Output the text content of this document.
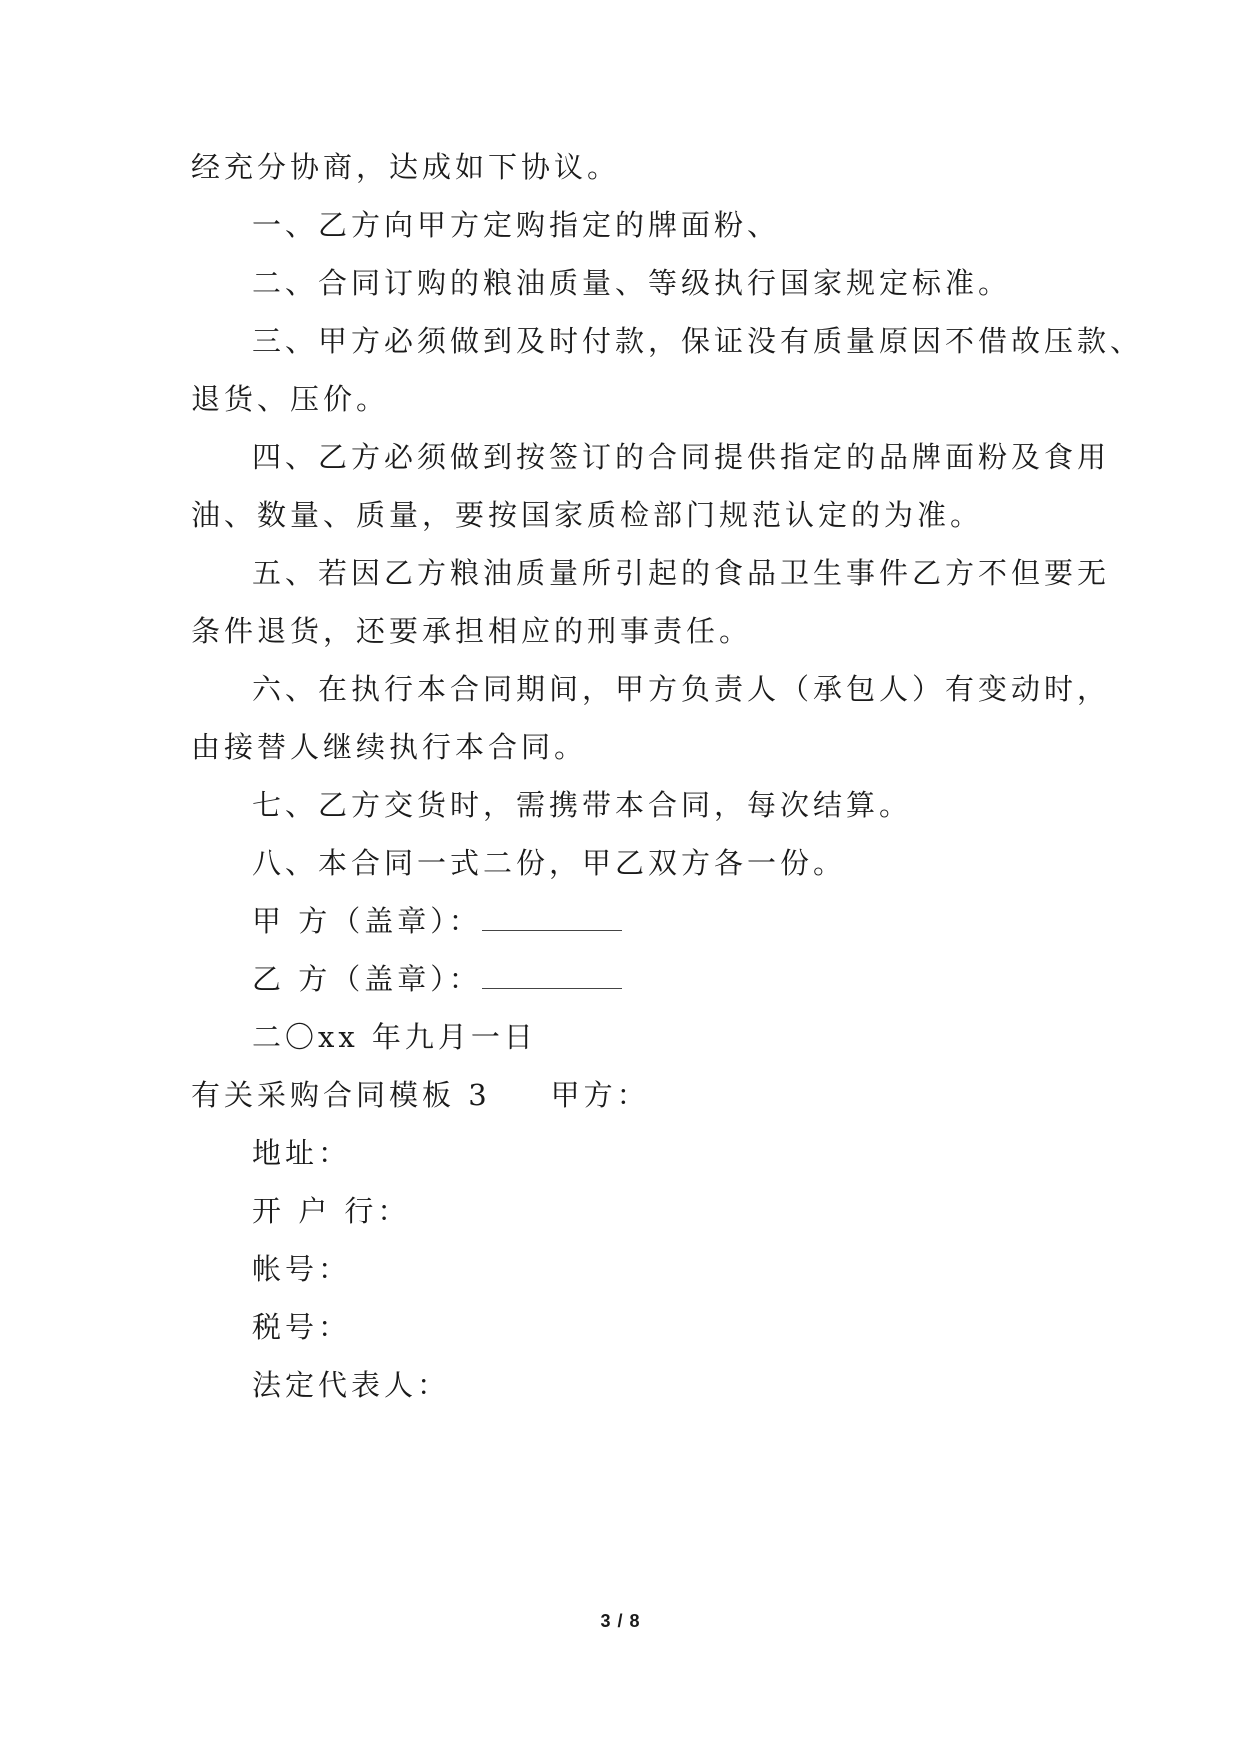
经充分协商，达成如下协议。
一、乙方向甲方定购指定的牌面粉、
二、合同订购的粮油质量、等级执行国家规定标准。
三、甲方必须做到及时付款，保证没有质量原因不借故压款、
退货、压价。
四、乙方必须做到按签订的合同提供指定的品牌面粉及食用
油、数量、质量，要按国家质检部门规范认定的为准。
五、若因乙方粮油质量所引起的食品卫生事件乙方不但要无
条件退货，还要承担相应的刑事责任。
六、在执行本合同期间，甲方负责人（承包人）有变动时，
由接替人继续执行本合同。
七、乙方交货时，需携带本合同，每次结算。
八、本合同一式二份，甲乙双方各一份。
甲 方（盖章）：
乙 方（盖章）：
二〇xx 年九月一日
有关采购合同模板 3 甲方：
地址：
开 户 行：
帐号：
税号：
法定代表人：
3 / 8
